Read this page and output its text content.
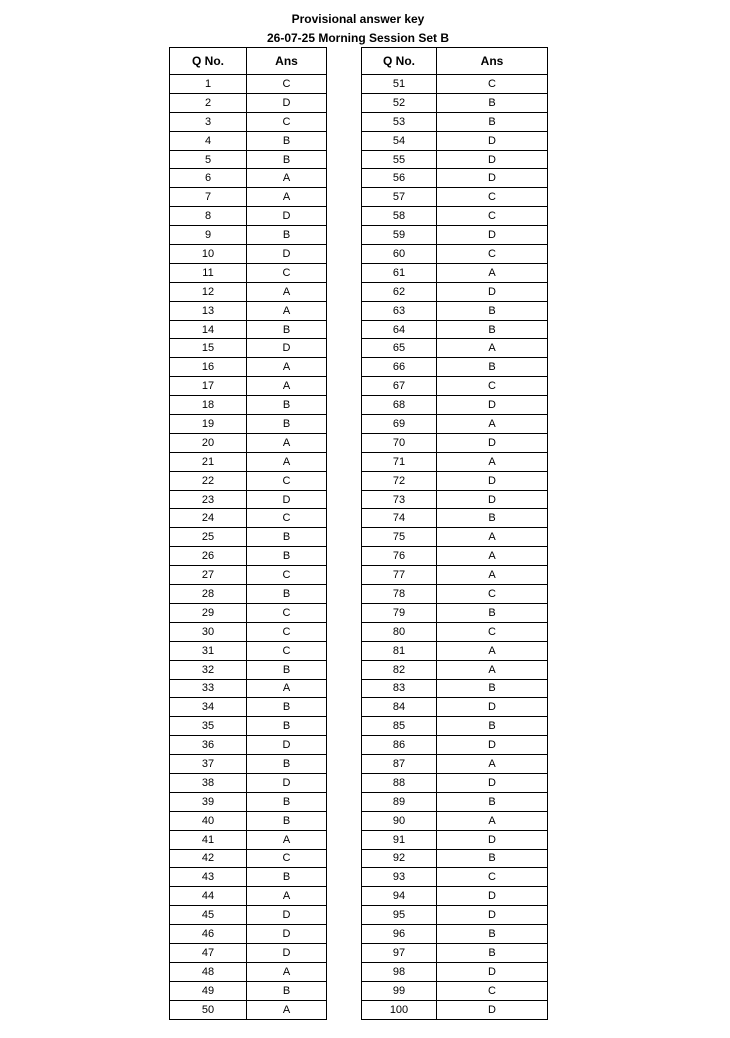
Provisional answer key
26-07-25 Morning Session Set B
Q No.	Ans
1	C
2	D
3	C
4	B
5	B
6	A
7	A
8	D
9	B
10	D
11	C
12	A
13	A
14	B
15	D
16	A
17	A
18	B
19	B
20	A
21	A
22	C
23	D
24	C
25	B
26	B
27	C
28	B
29	C
30	C
31	C
32	B
33	A
34	B
35	B
36	D
37	B
38	D
39	B
40	B
41	A
42	C
43	B
44	A
45	D
46	D
47	D
48	A
49	B
50	A
Q No.	Ans
51	C
52	B
53	B
54	D
55	D
56	D
57	C
58	C
59	D
60	C
61	A
62	D
63	B
64	B
65	A
66	B
67	C
68	D
69	A
70	D
71	A
72	D
73	D
74	B
75	A
76	A
77	A
78	C
79	B
80	C
81	A
82	A
83	B
84	D
85	B
86	D
87	A
88	D
89	B
90	A
91	D
92	B
93	C
94	D
95	D
96	B
97	B
98	D
99	C
100	D
